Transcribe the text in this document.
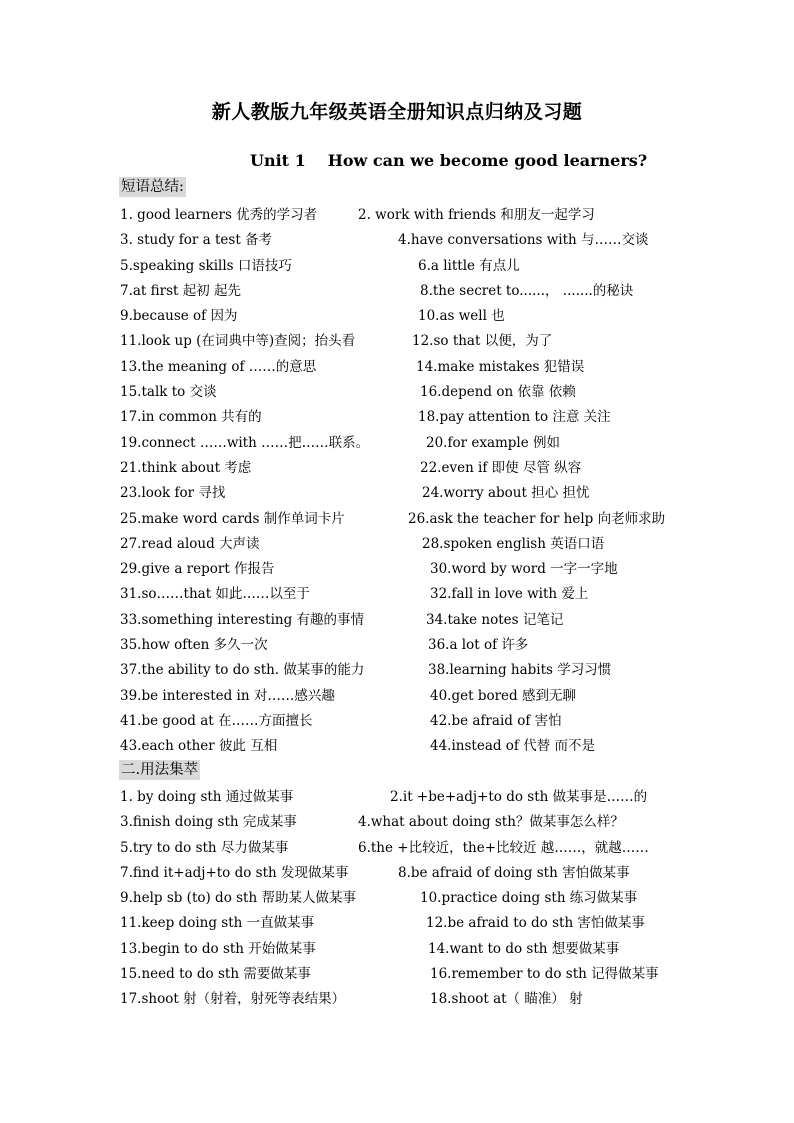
新人教版九年级英语全册知识点归纳及习题
Unit 1 How can we become good learners?
短语总结:
1. good learners 优秀的学习者	2. work with friends 和朋友一起学习
3. study for a test 备考	4.have conversations with 与……交谈
5.speaking skills 口语技巧	6.a little 有点儿
7.at first 起初 起先	8.the secret to......， .......的秘诀
9.because of 因为	10.as well 也
11.look up (在词典中等)查阅；抬头看	12.so that 以便，为了
13.the meaning of ……的意思	14.make mistakes 犯错误
15.talk to 交谈	16.depend on 依靠 依赖
17.in common 共有的	18.pay attention to 注意 关注
19.connect ……with ……把……联系。	20.for example 例如
21.think about 考虑	22.even if 即使 尽管 纵容
23.look for 寻找	24.worry about 担心 担忧
25.make word cards 制作单词卡片	26.ask the teacher for help 向老师求助
27.read aloud 大声读	28.spoken english 英语口语
29.give a report 作报告	30.word by word 一字一字地
31.so……that 如此……以至于	32.fall in love with 爱上
33.something interesting 有趣的事情	34.take notes 记笔记
35.how often 多久一次	36.a lot of 许多
37.the ability to do sth. 做某事的能力	38.learning habits 学习习惯
39.be interested in 对……感兴趣	40.get bored 感到无聊
41.be good at 在……方面擅长	42.be afraid of 害怕
43.each other 彼此 互相	44.instead of 代替 而不是
二.用法集萃
1. by doing sth 通过做某事	2.it +be+adj+to do sth 做某事是……的
3.finish doing sth 完成某事	4.what about doing sth？做某事怎么样？
5.try to do sth 尽力做某事	6.the +比较近，the+比较近 越……，就越……
7.find it+adj+to do sth 发现做某事	8.be afraid of doing sth 害怕做某事
9.help sb (to) do sth 帮助某人做某事	10.practice doing sth 练习做某事
11.keep doing sth 一直做某事	12.be afraid to do sth 害怕做某事
13.begin to do sth 开始做某事	14.want to do sth 想要做某事
15.need to do sth 需要做某事	16.remember to do sth 记得做某事
17.shoot 射（射着，射死等表结果）	18.shoot at（ 瞄准） 射
